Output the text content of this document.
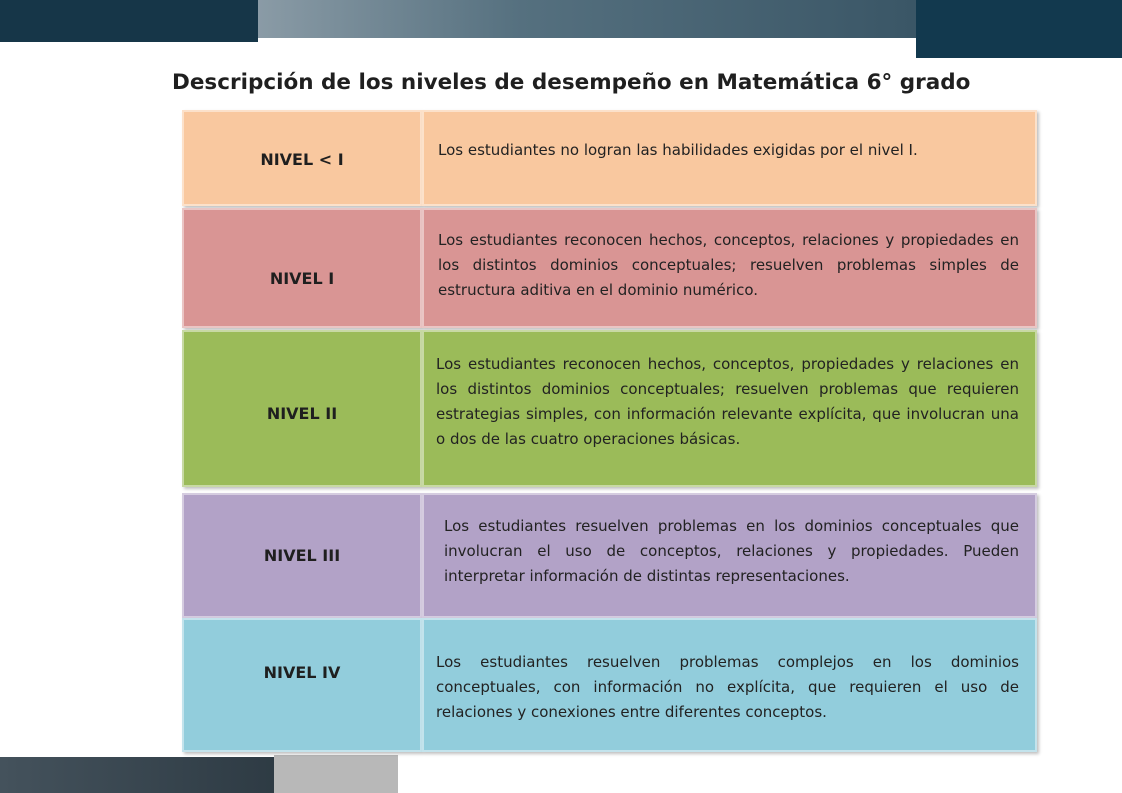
Descripción de los niveles de desempeño en Matemática 6° grado
NIVEL < I	Los estudiantes no logran las habilidades exigidas por el nivel I.
NIVEL I
Los estudiantes reconocen hechos, conceptos, relaciones y propiedades en los distintos dominios conceptuales; resuelven problemas simples de estructura aditiva en el dominio numérico.
NIVEL II
Los estudiantes reconocen hechos, conceptos, propiedades y relaciones en los distintos dominios conceptuales; resuelven problemas que requieren estrategias simples, con información relevante explícita, que involucran una o dos de las cuatro operaciones básicas.
NIVEL III
Los estudiantes resuelven problemas en los dominios conceptuales que involucran el uso de conceptos, relaciones y propiedades. Pueden interpretar información de distintas representaciones.
NIVEL IV
Los estudiantes resuelven problemas complejos en los dominios conceptuales, con información no explícita, que requieren el uso de relaciones y conexiones entre diferentes conceptos.
